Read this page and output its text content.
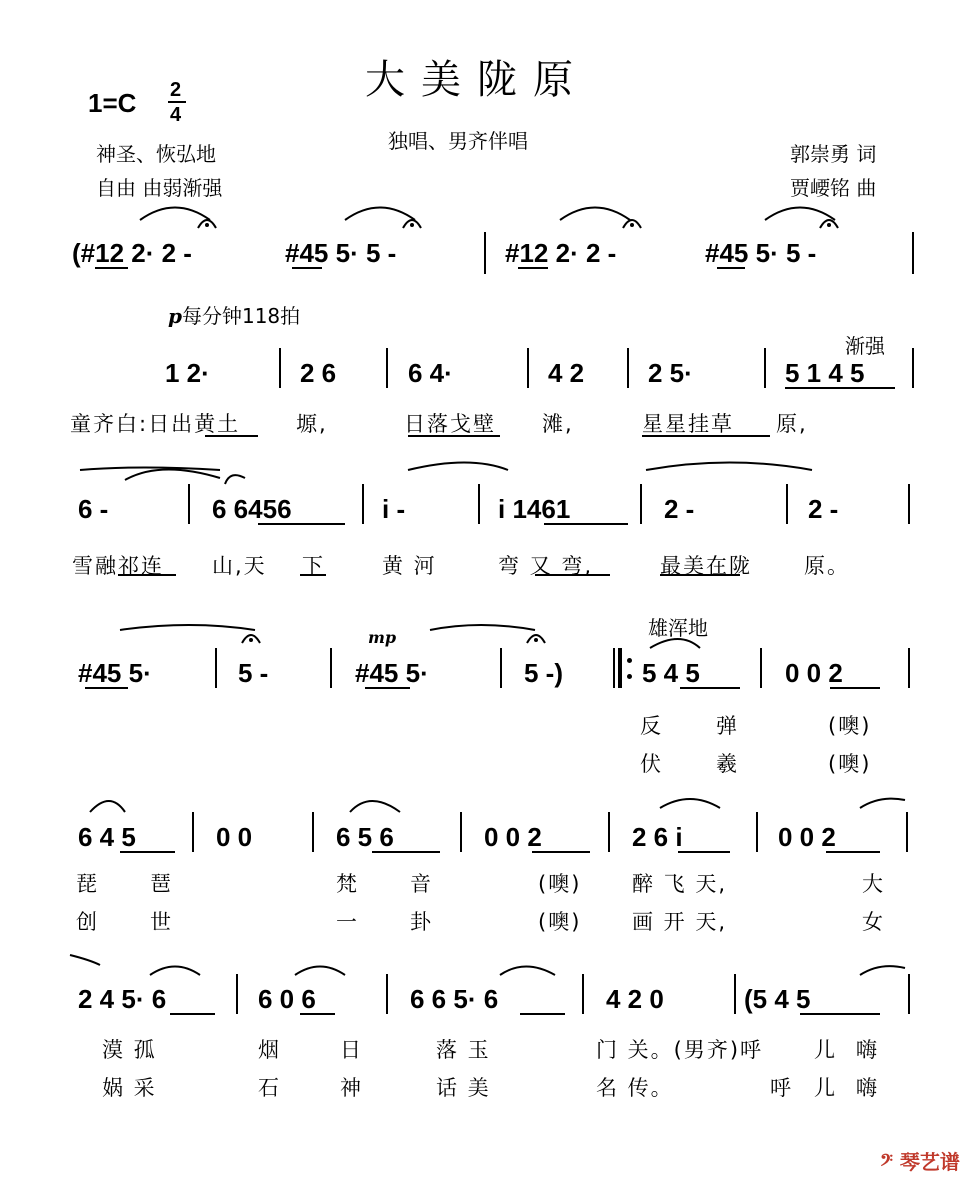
大美陇原
1=C 2
4
独唱、男齐伴唱
神圣、恢弘地
自由 由弱渐强
郭崇勇 词
贾崾铭 曲
(#12 2· 2 -	#45 5· 5 -	#12 2· 2 -	#45 5· 5 -
p每分钟118拍
渐强
1 2·	2 6	6 4·	4 2 2 5·	5 1 4 5
童齐白:日出黄土	塬,	日落戈壁 滩,	星星挂草 原,
6 -	6 6456	i -	i 1461	2 -	2 -
雪融祁连 山,天 下	黄 河	弯 又 弯,	最美在陇 原。
mp	雄浑地
#45 5·	5 -	#45 5·	5 -)	5 4 5	0 0 2
反	弹	(噢)
伏	羲	(噢)
6 4 5	0 0	6 5 6	0 0 2	2 6 i	0 0 2
琵 琶	梵 音	(噢) 醉 飞 天,	大
创 世	一 卦	(噢) 画 开 天,	女
2 4 5· 6	6 0 6	6 6 5· 6	4 2 0	(5 4 5
漠 孤	烟	日	落 玉	门 关。(男齐)呼 儿 嗨
娲 采	石	神	话 美	名 传。	呼 儿 嗨
𝄢 琴艺谱
